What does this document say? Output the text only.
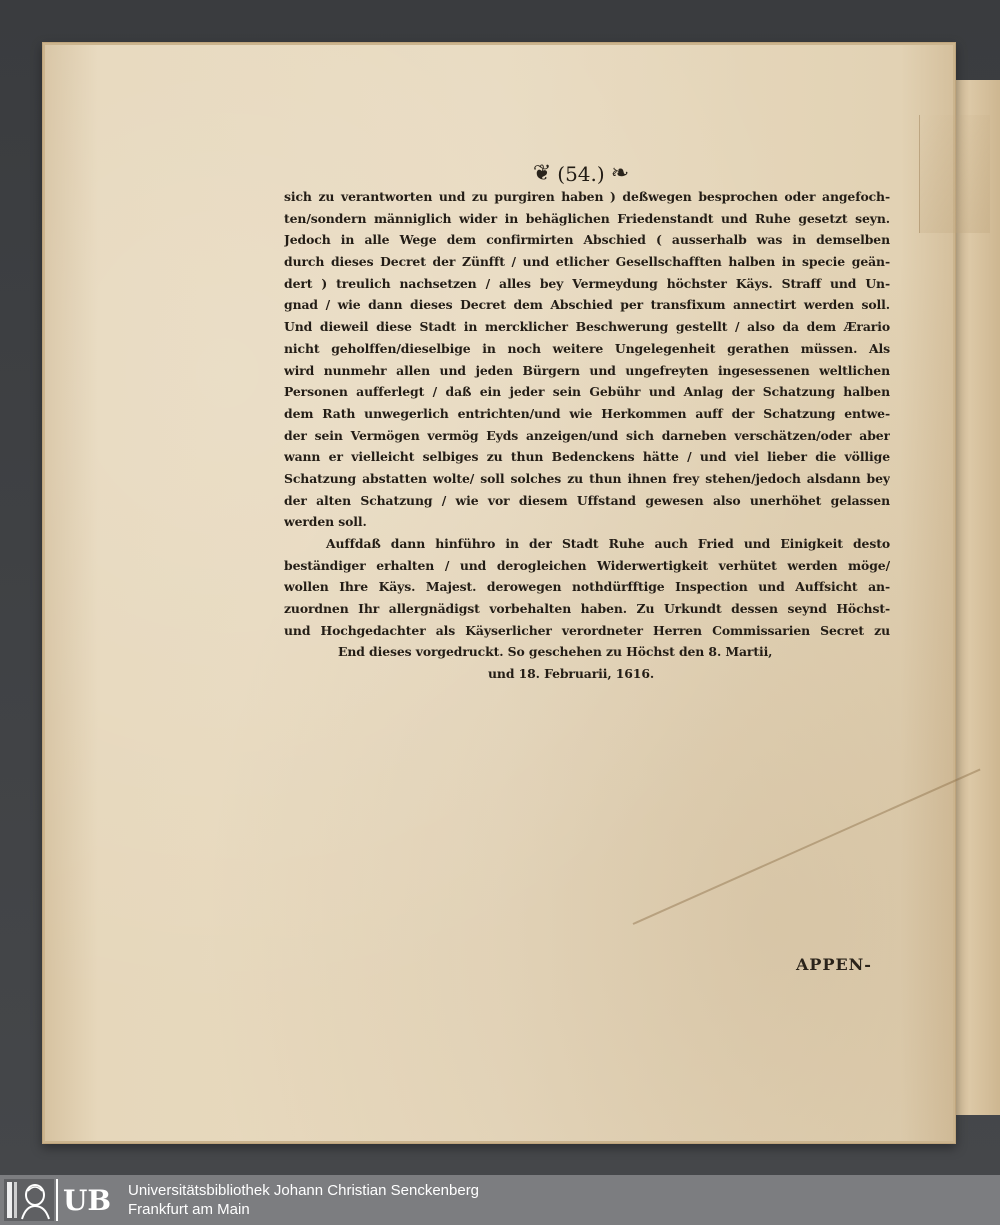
❦ (54.) ❧
sich zu verantworten und zu purgiren haben ) deßwegen besprochen oder angefoch-
ten/sondern männiglich wider in behäglichen Friedenstandt und Ruhe gesetzt seyn.
Jedoch in alle Wege dem confirmirten Abschied ( ausserhalb was in demselben
durch dieses Decret der Zünfft / und etlicher Gesellschafften halben in specie geän-
dert ) treulich nachsetzen / alles bey Vermeydung höchster Käys. Straff und Un-
gnad / wie dann dieses Decret dem Abschied per transfixum annectirt werden soll.
Und dieweil diese Stadt in mercklicher Beschwerung gestellt / also da dem Ærario
nicht geholffen/dieselbige in noch weitere Ungelegenheit gerathen müssen. Als
wird nunmehr allen und jeden Bürgern und ungefreyten ingesessenen weltlichen
Personen aufferlegt / daß ein jeder sein Gebühr und Anlag der Schatzung halben
dem Rath unwegerlich entrichten/und wie Herkommen auff der Schatzung entwe-
der sein Vermögen vermög Eyds anzeigen/und sich darneben verschätzen/oder aber
wann er vielleicht selbiges zu thun Bedenckens hätte / und viel lieber die völlige
Schatzung abstatten wolte/ soll solches zu thun ihnen frey stehen/jedoch alsdann bey
der alten Schatzung / wie vor diesem Uffstand gewesen also unerhöhet gelassen
werden soll.
Auffdaß dann hinführo in der Stadt Ruhe auch Fried und Einigkeit desto
beständiger erhalten / und derogleichen Widerwertigkeit verhütet werden möge/
wollen Ihre Käys. Majest. derowegen nothdürfftige Inspection und Auffsicht an-
zuordnen Ihr allergnädigst vorbehalten haben. Zu Urkundt dessen seynd Höchst-
und Hochgedachter als Käyserlicher verordneter Herren Commissarien Secret zu
End dieses vorgedruckt. So geschehen zu Höchst den 8. Martii,
und 18. Februarii, 1616.
APPEN-
UB	Universitätsbibliothek Johann Christian Senckenberg
Frankfurt am Main
